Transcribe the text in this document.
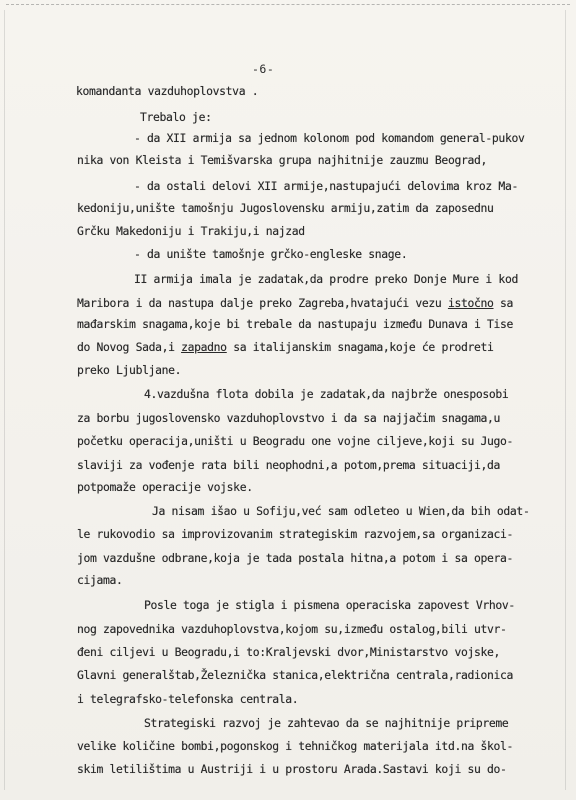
-6-
komandanta vazduhoplovstva .
Trebalo je:
- da XII armija sa jednom kolonom pod komandom general-pukov
nika von Kleista i Temišvarska grupa najhitnije zauzmu Beograd,
- da ostali delovi XII armije,nastupajući delovima kroz Ma-
kedoniju,unište tamošnju Jugoslovensku armiju,zatim da zaposednu
Grčku Makedoniju i Trakiju,i najzad
- da unište tamošnje grčko-engleske snage.
II armija imala je zadatak,da prodre preko Donje Mure i kod
Maribora i da nastupa dalje preko Zagreba,hvatajući vezu istočno sa
mađarskim snagama,koje bi trebale da nastupaju između Dunava i Tise
do Novog Sada,i zapadno sa italijanskim snagama,koje će prodreti
preko Ljubljane.
4.vazdušna flota dobila je zadatak,da najbrže onesposobi
za borbu jugoslovensko vazduhoplovstvo i da sa najjačim snagama,u
početku operacija,uništi u Beogradu one vojne ciljeve,koji su Jugo-
slaviji za vođenje rata bili neophodni,a potom,prema situaciji,da
potpomaže operacije vojske.
Ja nisam išao u Sofiju,već sam odleteo u Wien,da bih odat-
le rukovodio sa improvizovanim strategiskim razvojem,sa organizaci-
jom vazdušne odbrane,koja je tada postala hitna,a potom i sa opera-
cijama.
Posle toga je stigla i pismena operaciska zapovest Vrhov-
nog zapovednika vazduhoplovstva,kojom su,između ostalog,bili utvr-
đeni ciljevi u Beogradu,i to:Kraljevski dvor,Ministarstvo vojske,
Glavni generalštab,Železnička stanica,električna centrala,radionica
i telegrafsko-telefonska centrala.
Strategiski razvoj je zahtevao da se najhitnije pripreme
velike količine bombi,pogonskog i tehničkog materijala itd.na škol-
skim letilištima u Austriji i u prostoru Arada.Sastavi koji su do-
